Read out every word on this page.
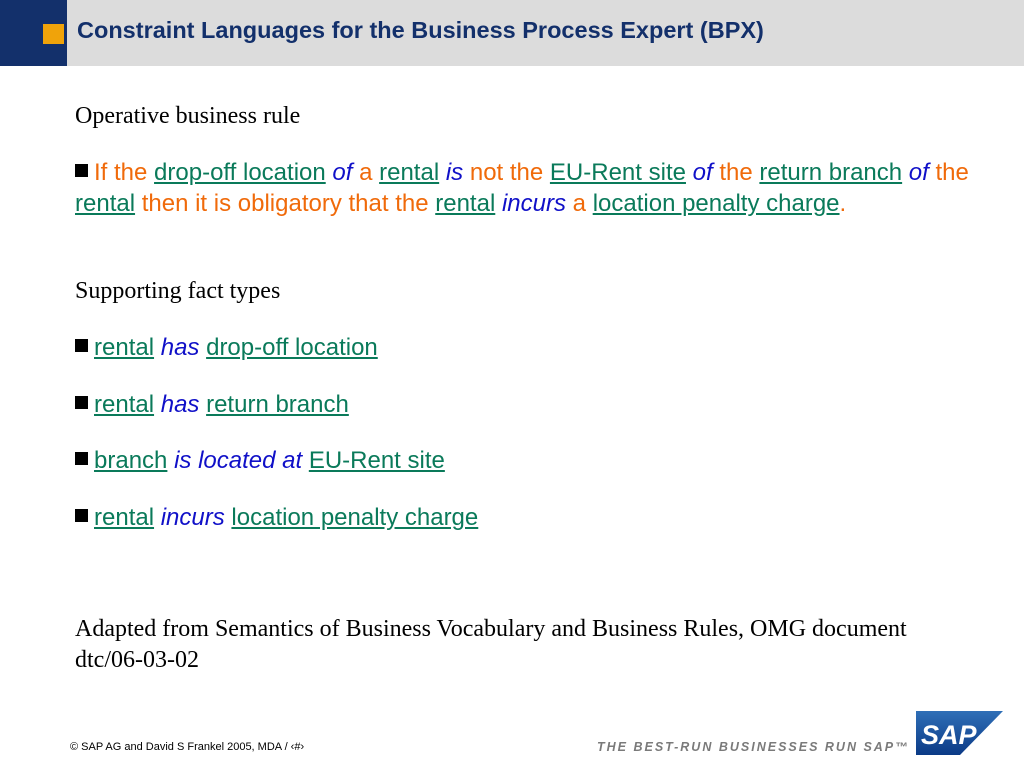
Constraint Languages for the Business Process Expert (BPX)
Operative business rule
If the drop-off location of a rental is not the EU-Rent site of the return branch of the rental then it is obligatory that the rental incurs a location penalty charge.
Supporting fact types
rental has drop-off location
rental has return branch
branch is located at EU-Rent site
rental incurs location penalty charge
Adapted from Semantics of Business Vocabulary and Business Rules, OMG document dtc/06-03-02
© SAP AG and David S Frankel 2005, MDA / ‹#›	THE BEST-RUN BUSINESSES RUN SAP™ SAP
®
